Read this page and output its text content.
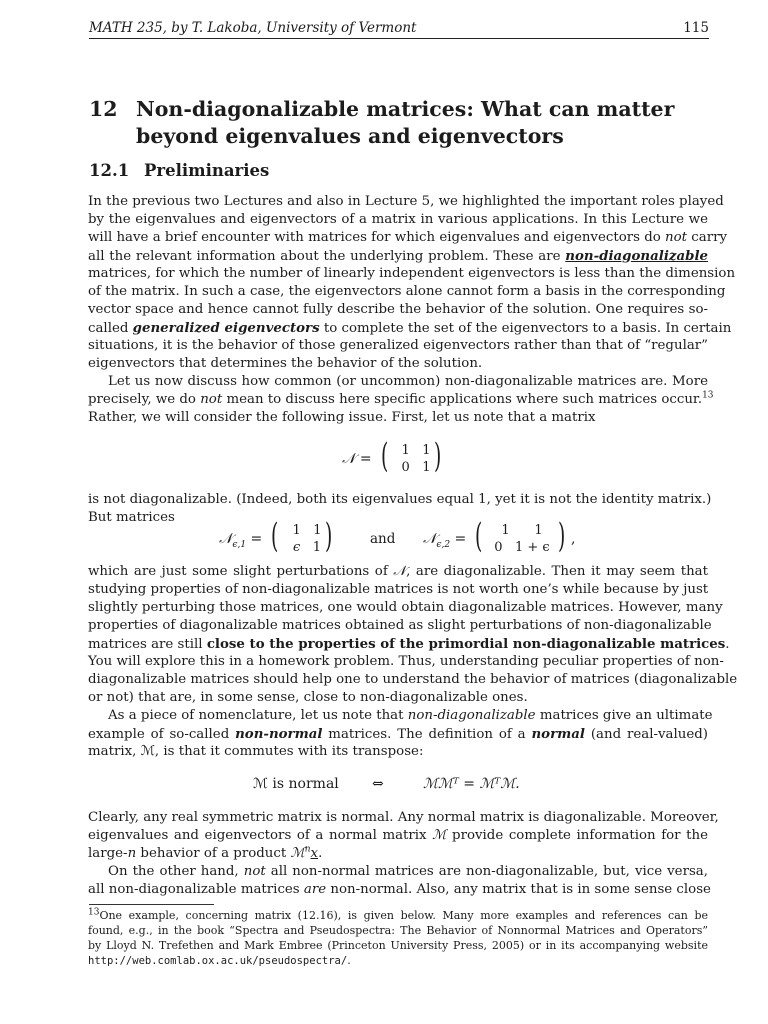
MATH 235, by T. Lakoba, University of Vermont	115
12 Non-diagonalizable matrices: What can matter
beyond eigenvalues and eigenvectors
12.1 Preliminaries
In the previous two Lectures and also in Lecture 5, we highlighted the important roles played
by the eigenvalues and eigenvectors of a matrix in various applications. In this Lecture we
will have a brief encounter with matrices for which eigenvalues and eigenvectors do not carry
all the relevant information about the underlying problem. These are non-diagonalizable
matrices, for which the number of linearly independent eigenvectors is less than the dimension
of the matrix. In such a case, the eigenvectors alone cannot form a basis in the corresponding
vector space and hence cannot fully describe the behavior of the solution. One requires so-
called generalized eigenvectors to complete the set of the eigenvectors to a basis. In certain
situations, it is the behavior of those generalized eigenvectors rather than that of “regular”
eigenvectors that determines the behavior of the solution.
Let us now discuss how common (or uncommon) non-diagonalizable matrices are. More
precisely, we do not mean to discuss here specific applications where such matrices occur.$^{13}$
Rather, we will consider the following issue. First, let us note that a matrix
𝒩 = (	1 1
0 1 )
is not diagonalizable. (Indeed, both its eigenvalues equal 1, yet it is not the identity matrix.)
But matrices
𝒩$_{\epsilon,1}$ = (	1 1
ϵ 1 )	and 𝒩$_{\epsilon,2}$ = (	1 1
0 1 + ϵ ) ,
which are just some slight perturbations of 𝒩, are diagonalizable. Then it may seem that
studying properties of non-diagonalizable matrices is not worth one’s while because by just
slightly perturbing those matrices, one would obtain diagonalizable matrices. However, many
properties of diagonalizable matrices obtained as slight perturbations of non-diagonalizable
matrices are still close to the properties of the primordial non-diagonalizable matrices.
You will explore this in a homework problem. Thus, understanding peculiar properties of non-
diagonalizable matrices should help one to understand the behavior of matrices (diagonalizable
or not) that are, in some sense, close to non-diagonalizable ones.
As a piece of nomenclature, let us note that non-diagonalizable matrices give an ultimate
example of so-called non-normal matrices. The definition of a normal (and real-valued)
matrix, ℳ, is that it commutes with its transpose:
ℳ is normal ⇔	ℳℳᵀ = ℳᵀℳ.
Clearly, any real symmetric matrix is normal. Any normal matrix is diagonalizable. Moreover,
eigenvalues and eigenvectors of a normal matrix ℳ provide complete information for the
large-n behavior of a product ℳ$^n$x.
On the other hand, not all non-normal matrices are non-diagonalizable, but, vice versa,
all non-diagonalizable matrices are non-normal. Also, any matrix that is in some sense close
$^{13}$One example, concerning matrix (12.16), is given below. Many more examples and references can be
found, e.g., in the book “Spectra and Pseudospectra: The Behavior of Nonnormal Matrices and Operators”
by Lloyd N. Trefethen and Mark Embree (Princeton University Press, 2005) or in its accompanying website
http://web.comlab.ox.ac.uk/pseudospectra/.
